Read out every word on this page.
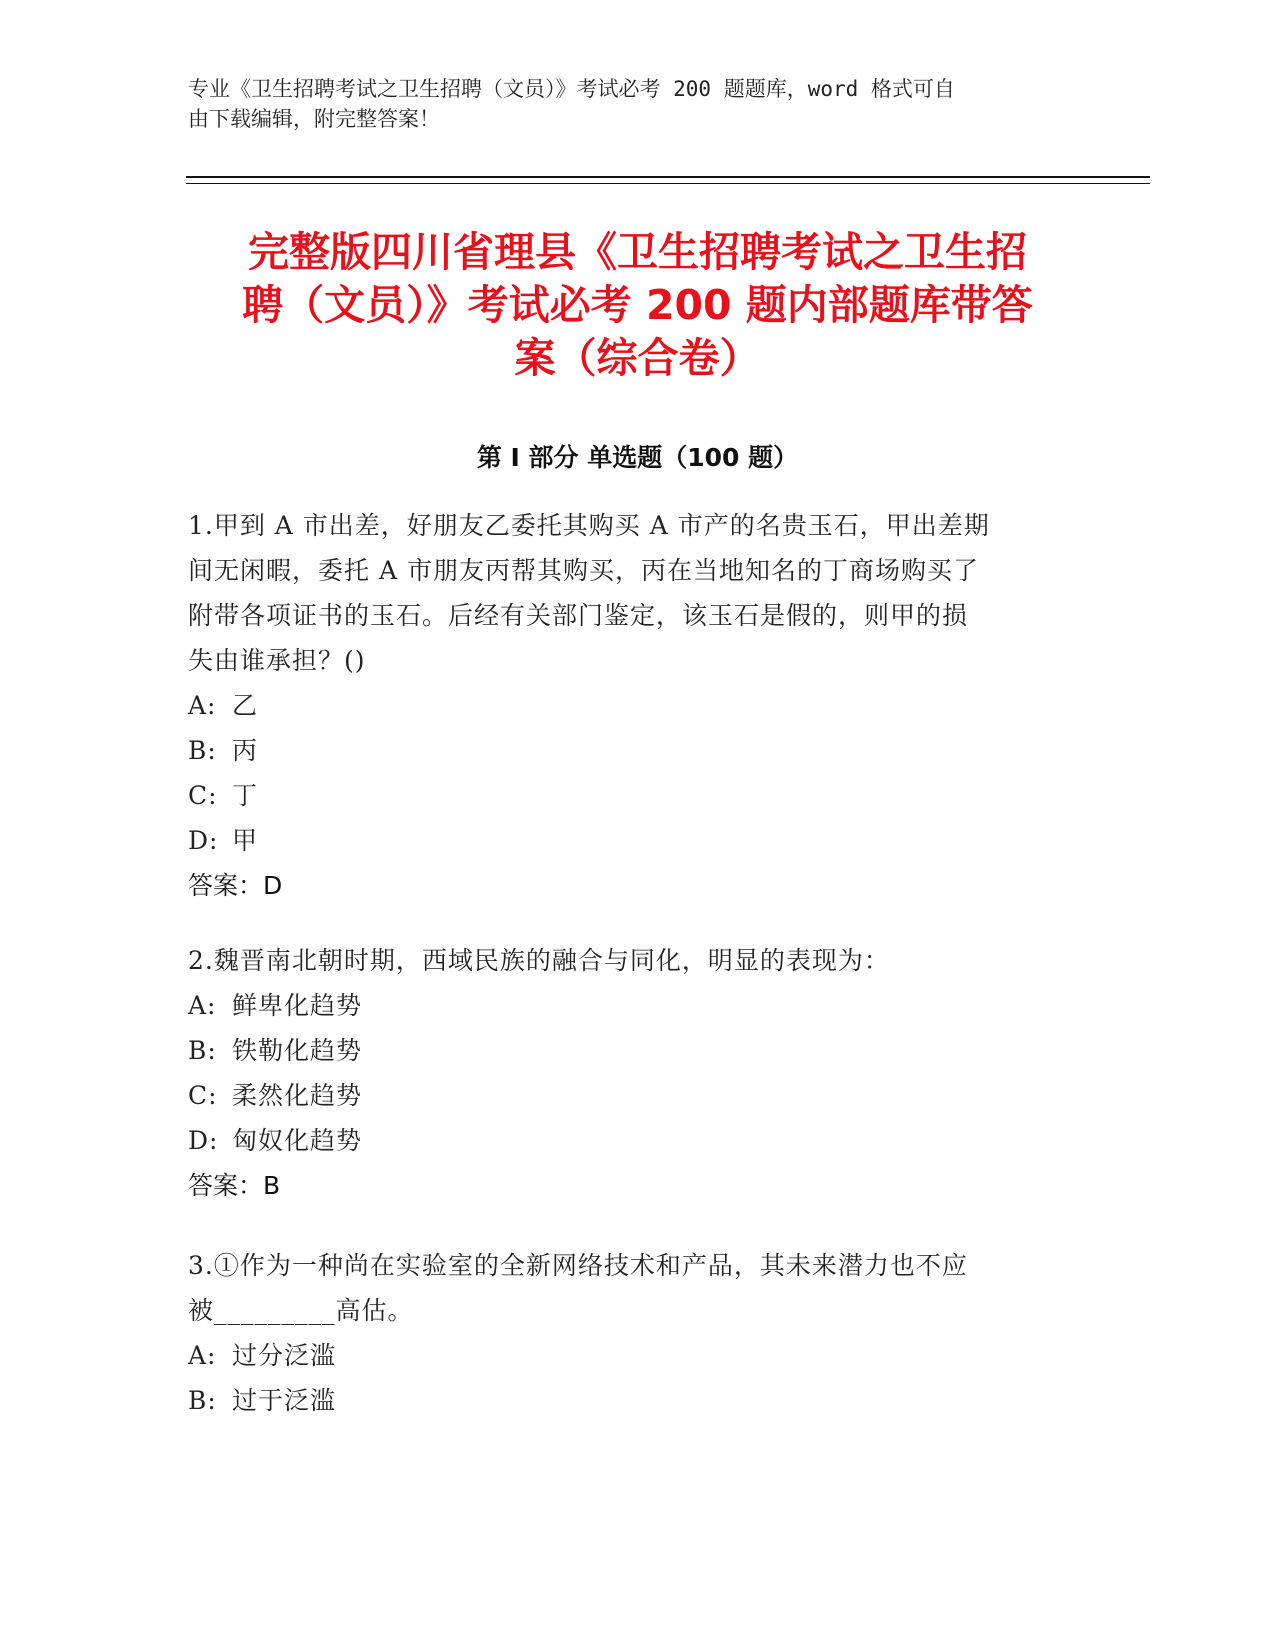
专业《卫生招聘考试之卫生招聘（文员）》考试必考 200 题题库，word 格式可自
由下载编辑，附完整答案！
完整版四川省理县《卫生招聘考试之卫生招
聘（文员）》考试必考 200 题内部题库带答
案（综合卷）
第 I 部分 单选题（100 题）
1.甲到 A 市出差，好朋友乙委托其购买 A 市产的名贵玉石，甲出差期
间无闲暇，委托 A 市朋友丙帮其购买，丙在当地知名的丁商场购买了
附带各项证书的玉石。后经有关部门鉴定，该玉石是假的，则甲的损
失由谁承担？()
A: 乙
B: 丙
C: 丁
D: 甲
答案：D
2.魏晋南北朝时期，西域民族的融合与同化，明显的表现为：
A: 鲜卑化趋势
B: 铁勒化趋势
C: 柔然化趋势
D: 匈奴化趋势
答案：B
3.①作为一种尚在实验室的全新网络技术和产品，其未来潜力也不应
被_________高估。
A: 过分泛滥
B: 过于泛滥
